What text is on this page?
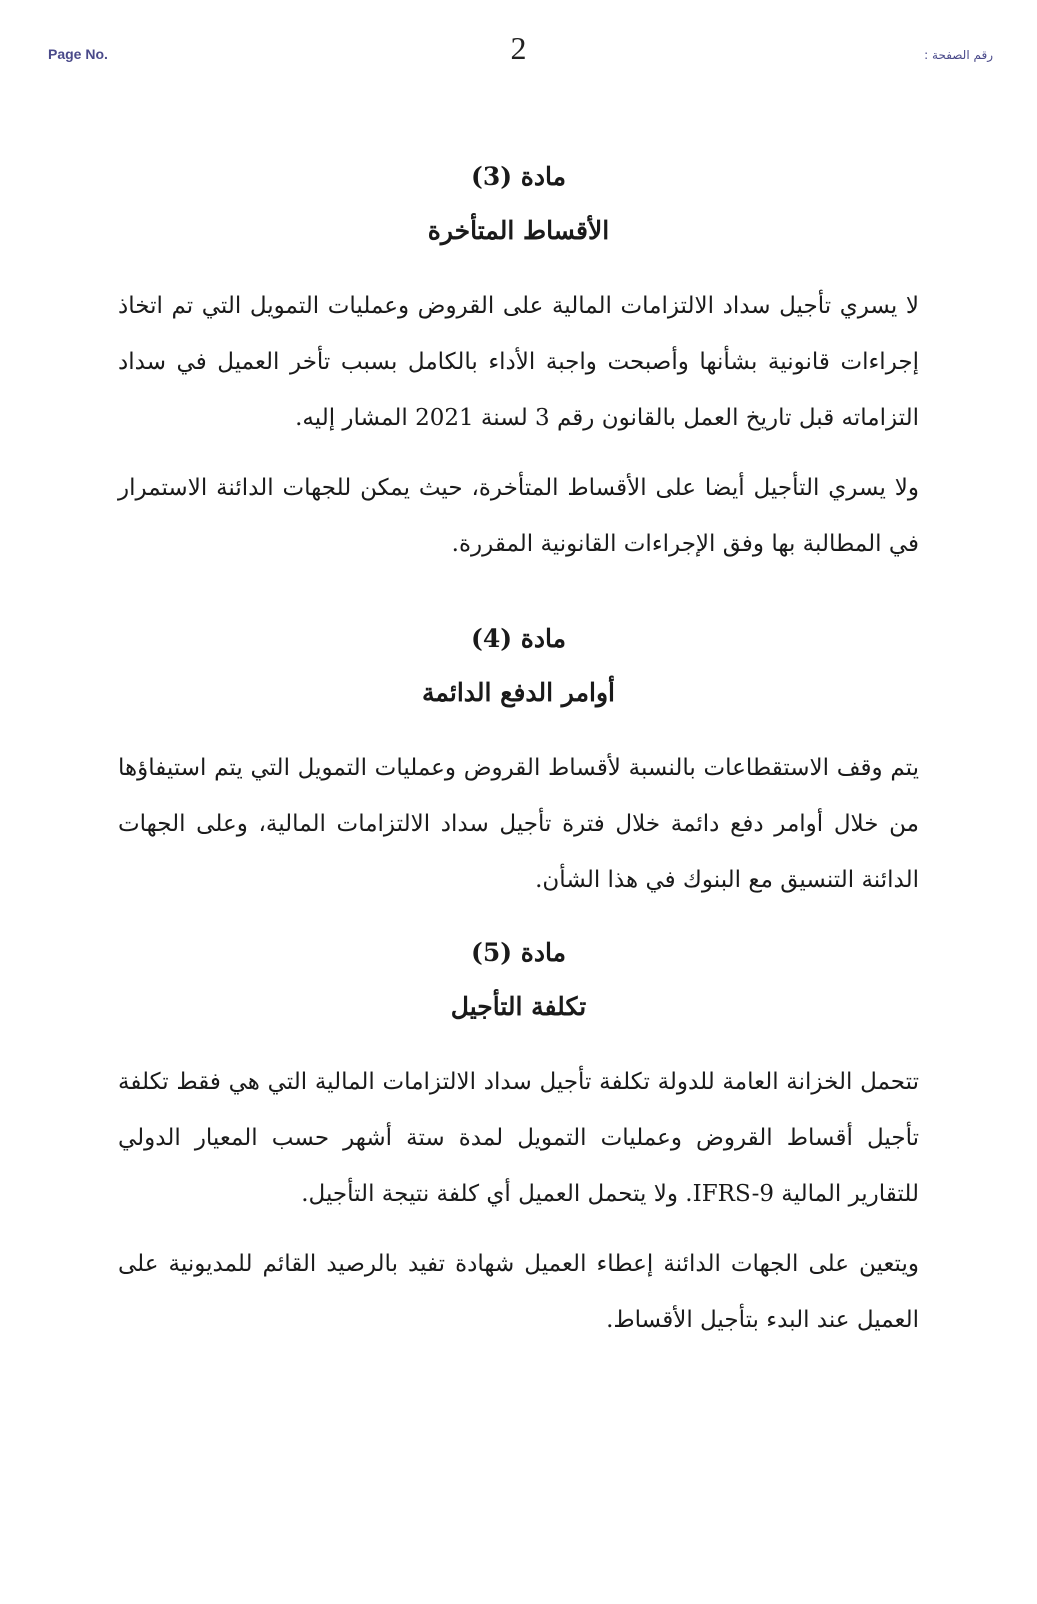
Page No.	2	رقم الصفحة :
مادة (3)
الأقساط المتأخرة

لا يسري تأجيل سداد الالتزامات المالية على القروض وعمليات التمويل التي تم اتخاذ إجراءات قانونية بشأنها وأصبحت واجبة الأداء بالكامل بسبب تأخر العميل في سداد التزاماته قبل تاريخ العمل بالقانون رقم 3 لسنة 2021 المشار إليه.

ولا يسري التأجيل أيضا على الأقساط المتأخرة، حيث يمكن للجهات الدائنة الاستمرار في المطالبة بها وفق الإجراءات القانونية المقررة.

مادة (4)
أوامر الدفع الدائمة

يتم وقف الاستقطاعات بالنسبة لأقساط القروض وعمليات التمويل التي يتم استيفاؤها من خلال أوامر دفع دائمة خلال فترة تأجيل سداد الالتزامات المالية، وعلى الجهات الدائنة التنسيق مع البنوك في هذا الشأن.

مادة (5)
تكلفة التأجيل

تتحمل الخزانة العامة للدولة تكلفة تأجيل سداد الالتزامات المالية التي هي فقط تكلفة تأجيل أقساط القروض وعمليات التمويل لمدة ستة أشهر حسب المعيار الدولي للتقارير المالية IFRS-9. ولا يتحمل العميل أي كلفة نتيجة التأجيل.

ويتعين على الجهات الدائنة إعطاء العميل شهادة تفيد بالرصيد القائم للمديونية على العميل عند البدء بتأجيل الأقساط.
